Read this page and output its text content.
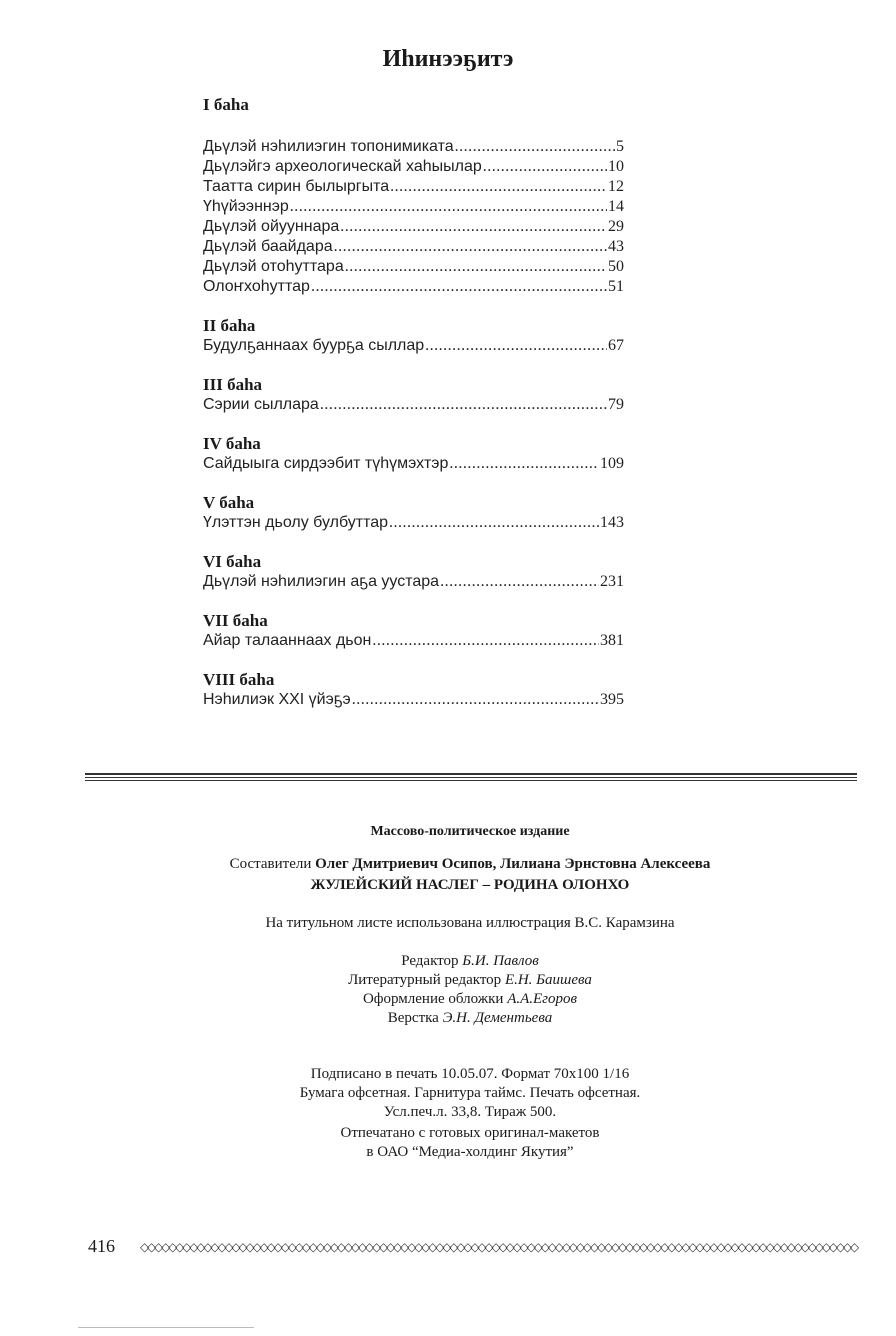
Иhинээҕитэ
I баhа
Дьүлэй нэhилиэгин топонимиката .....	5
Дьүлэйгэ археологическай хаhыылар .....	10
Таатта сирин былыргыта .....	12
Үhүйээннэр .....	14
Дьүлэй ойууннара .....	29
Дьүлэй баайдара .....	43
Дьүлэй отоhуттара .....	50
Олоҥхоhуттар .....	51
II баhа
Будулҕаннаах буурҕа сыллар .....	67
III баhа
Сэрии сыллара .....	79
IV баhа
Сайдыыга сирдээбит түhүмэхтэр .....	109
V баhа
Үлэттэн дьолу булбуттар .....	143
VI баhа
Дьүлэй нэhилиэгин аҕа уустара .....	231
VII баhа
Айар талааннаах дьон .....	381
VIII баhа
Нэhилиэк XXI үйэҕэ .....	395
Массово-политическое издание
Составители Олег Дмитриевич Осипов, Лилиана Эрнстовна Алексеева
ЖУЛЕЙСКИЙ НАСЛЕГ – РОДИНА ОЛОНХО
На титульном листе использована иллюстрация В.С. Карамзина
Редактор Б.И. Павлов
Литературный редактор Е.Н. Баишева
Оформление обложки А.А.Егоров
Верстка Э.Н. Дементьева
Подписано в печать 10.05.07. Формат 70х100 1/16
Бумага офсетная. Гарнитура таймс. Печать офсетная.
Усл.печ.л. 33,8. Тираж 500.
Отпечатано с готовых оригинал-макетов
в ОАО “Медиа-холдинг Якутия”
416	◇◇◇◇◇◇◇◇◇◇◇◇◇◇◇◇◇◇◇◇◇◇◇◇◇◇◇◇◇◇◇◇◇◇◇◇◇◇◇◇◇◇◇◇◇◇◇◇◇◇◇◇◇◇◇◇◇◇◇◇◇◇◇◇◇◇◇◇◇◇◇◇◇◇◇◇◇◇◇◇◇◇◇◇◇◇◇◇◇◇◇◇◇◇◇◇◇◇◇◇◇◇
